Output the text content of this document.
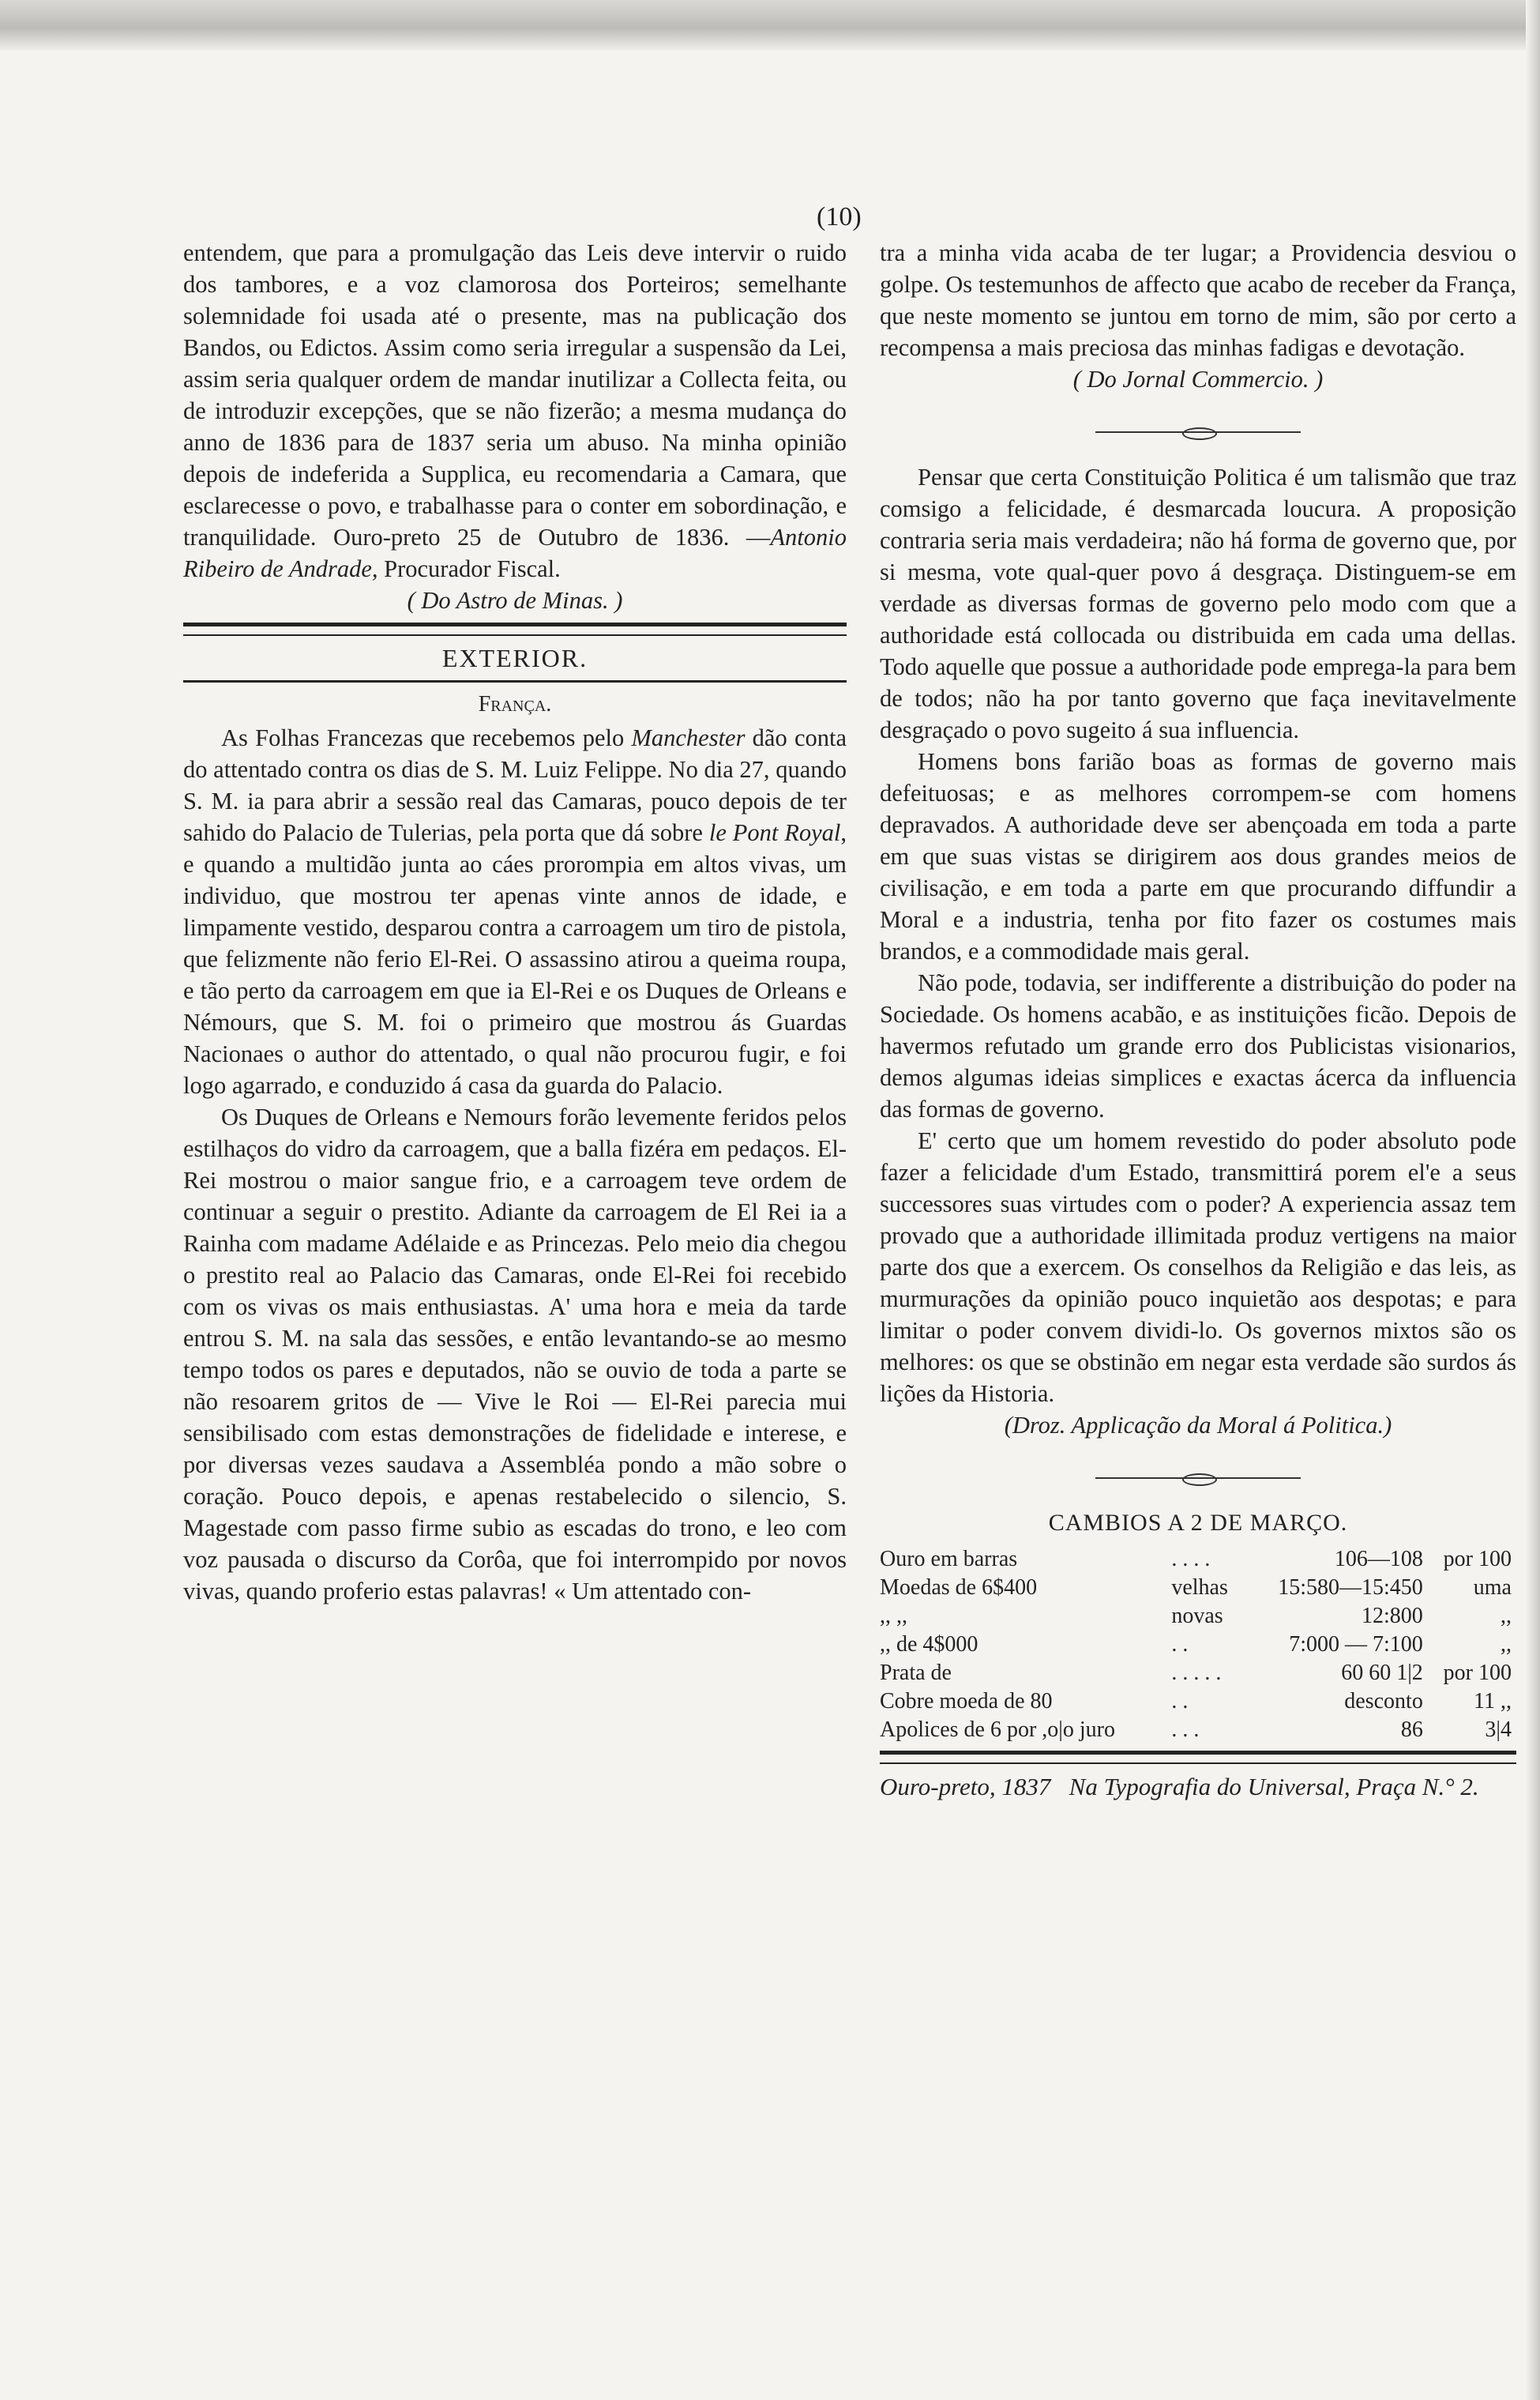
(10)

entendem, que para a promulgação das Leis deve intervir o ruido dos tambores, e a voz clamorosa dos Porteiros; semelhante solemnidade foi usada até o presente, mas na publicação dos Bandos, ou Edictos. Assim como seria irregular a suspensão da Lei, assim seria qualquer ordem de mandar inutilizar a Collecta feita, ou de introduzir excepções, que se não fizerão; a mesma mudança do anno de 1836 para de 1837 seria um abuso. Na minha opinião depois de indeferida a Supplica, eu recomendaria a Camara, que esclarecesse o povo, e trabalhasse para o conter em sobordinação, e tranquilidade. Ouro-preto 25 de Outubro de 1836. —Antonio Ribeiro de Andrade, Procurador Fiscal.

( Do Astro de Minas. )

EXTERIOR.
França.

As Folhas Francezas que recebemos pelo Manchester dão conta do attentado contra os dias de S. M. Luiz Felippe. No dia 27, quando S. M. ia para abrir a sessão real das Camaras, pouco depois de ter sahido do Palacio de Tulerias, pela porta que dá sobre le Pont Royal, e quando a multidão junta ao cáes prorompia em altos vivas, um individuo, que mostrou ter apenas vinte annos de idade, e limpamente vestido, desparou contra a carroagem um tiro de pistola, que felizmente não ferio El-Rei. O assassino atirou a queima roupa, e tão perto da carroagem em que ia El-Rei e os Duques de Orleans e Némours, que S. M. foi o primeiro que mostrou ás Guardas Nacionaes o author do attentado, o qual não procurou fugir, e foi logo agarrado, e conduzido á casa da guarda do Palacio.

Os Duques de Orleans e Nemours forão levemente feridos pelos estilhaços do vidro da carroagem, que a balla fizéra em pedaços. El-Rei mostrou o maior sangue frio, e a carroagem teve ordem de continuar a seguir o prestito. Adiante da carroagem de El Rei ia a Rainha com madame Adélaide e as Princezas. Pelo meio dia chegou o prestito real ao Palacio das Camaras, onde El-Rei foi recebido com os vivas os mais enthusiastas. A' uma hora e meia da tarde entrou S. M. na sala das sessões, e então levantando-se ao mesmo tempo todos os pares e deputados, não se ouvio de toda a parte se não resoarem gritos de — Vive le Roi — El-Rei parecia mui sensibilisado com estas demonstrações de fidelidade e interese, e por diversas vezes saudava a Assembléa pondo a mão sobre o coração. Pouco depois, e apenas restabelecido o silencio, S. Magestade com passo firme subio as escadas do trono, e leo com voz pausada o discurso da Corôa, que foi interrompido por novos vivas, quando proferio estas palavras! « Um attentado con-

tra a minha vida acaba de ter lugar; a Providencia desviou o golpe. Os testemunhos de affecto que acabo de receber da França, que neste momento se juntou em torno de mim, são por certo a recompensa a mais preciosa das minhas fadigas e devotação.

( Do Jornal Commercio. )

Pensar que certa Constituição Politica é um talismão que traz comsigo a felicidade, é desmarcada loucura. A proposição contraria seria mais verdadeira; não há forma de governo que, por si mesma, vote qual-quer povo á desgraça. Distinguem-se em verdade as diversas formas de governo pelo modo com que a authoridade está collocada ou distribuida em cada uma dellas. Todo aquelle que possue a authoridade pode emprega-la para bem de todos; não ha por tanto governo que faça inevitavelmente desgraçado o povo sugeito á sua influencia.

Homens bons farião boas as formas de governo mais defeituosas; e as melhores corrompem-se com homens depravados. A authoridade deve ser abençoada em toda a parte em que suas vistas se dirigirem aos dous grandes meios de civilisação, e em toda a parte em que procurando diffundir a Moral e a industria, tenha por fito fazer os costumes mais brandos, e a commodidade mais geral.

Não pode, todavia, ser indifferente a distribuição do poder na Sociedade. Os homens acabão, e as instituições ficão. Depois de havermos refutado um grande erro dos Publicistas visionarios, demos algumas ideias simplices e exactas ácerca da influencia das formas de governo.

E' certo que um homem revestido do poder absoluto pode fazer a felicidade d'um Estado, transmittirá porem el'e a seus successores suas virtudes com o poder? A experiencia assaz tem provado que a authoridade illimitada produz vertigens na maior parte dos que a exercem. Os conselhos da Religião e das leis, as murmurações da opinião pouco inquietão aos despotas; e para limitar o poder convem dividi-lo. Os governos mixtos são os melhores: os que se obstinão em negar esta verdade são surdos ás lições da Historia.

(Droz. Applicação da Moral á Politica.)

CAMBIOS A 2 DE MARÇO.
Ouro em barras	. . . .	106—108	por 100
Moedas de 6$400	velhas	15:580—15:450	uma
,, ,,	novas	12:800	,,
,, de 4$000	. .	7:000 — 7:100	,,
Prata de	. . . . .	60 60 1|2	por 100
Cobre moeda de 80	. .	desconto	11 ,,
Apolices de 6 por ,o|o juro	. . .	86	3|4
Ouro-preto, 1837 Na Typografia do Universal, Praça N.° 2.
